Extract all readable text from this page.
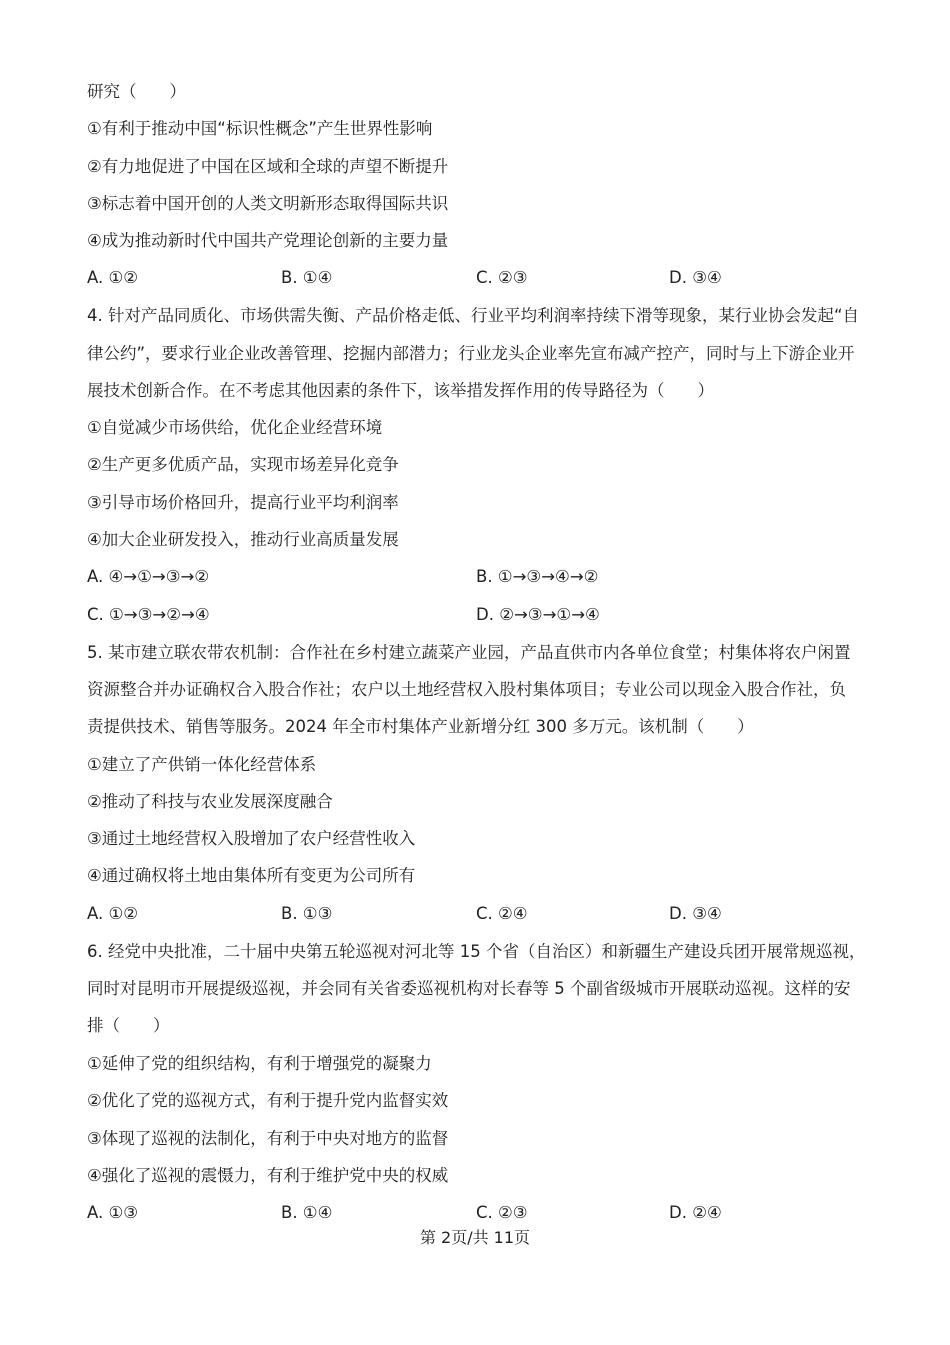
研究（　　）
①有利于推动中国“标识性概念”产生世界性影响
②有力地促进了中国在区域和全球的声望不断提升
③标志着中国开创的人类文明新形态取得国际共识
④成为推动新时代中国共产党理论创新的主要力量
A. ①②	B. ①④	C. ②③	D. ③④
4. 针对产品同质化、市场供需失衡、产品价格走低、行业平均利润率持续下滑等现象，某行业协会发起“自
律公约”，要求行业企业改善管理、挖掘内部潜力；行业龙头企业率先宣布减产控产，同时与上下游企业开
展技术创新合作。在不考虑其他因素的条件下，该举措发挥作用的传导路径为（　　）
①自觉减少市场供给，优化企业经营环境
②生产更多优质产品，实现市场差异化竞争
③引导市场价格回升，提高行业平均利润率
④加大企业研发投入，推动行业高质量发展
A. ④→①→③→②	B. ①→③→④→②
C. ①→③→②→④	D. ②→③→①→④
5. 某市建立联农带农机制：合作社在乡村建立蔬菜产业园，产品直供市内各单位食堂；村集体将农户闲置
资源整合并办证确权合入股合作社；农户以土地经营权入股村集体项目；专业公司以现金入股合作社，负
责提供技术、销售等服务。2024 年全市村集体产业新增分红 300 多万元。该机制（　　）
①建立了产供销一体化经营体系
②推动了科技与农业发展深度融合
③通过土地经营权入股增加了农户经营性收入
④通过确权将土地由集体所有变更为公司所有
A. ①②	B. ①③	C. ②④	D. ③④
6. 经党中央批准，二十届中央第五轮巡视对河北等 15 个省（自治区）和新疆生产建设兵团开展常规巡视，
同时对昆明市开展提级巡视，并会同有关省委巡视机构对长春等 5 个副省级城市开展联动巡视。这样的安
排（　　）
①延伸了党的组织结构，有利于增强党的凝聚力
②优化了党的巡视方式，有利于提升党内监督实效
③体现了巡视的法制化，有利于中央对地方的监督
④强化了巡视的震慑力，有利于维护党中央的权威
A. ①③	B. ①④	C. ②③	D. ②④
第 2页/共 11页
